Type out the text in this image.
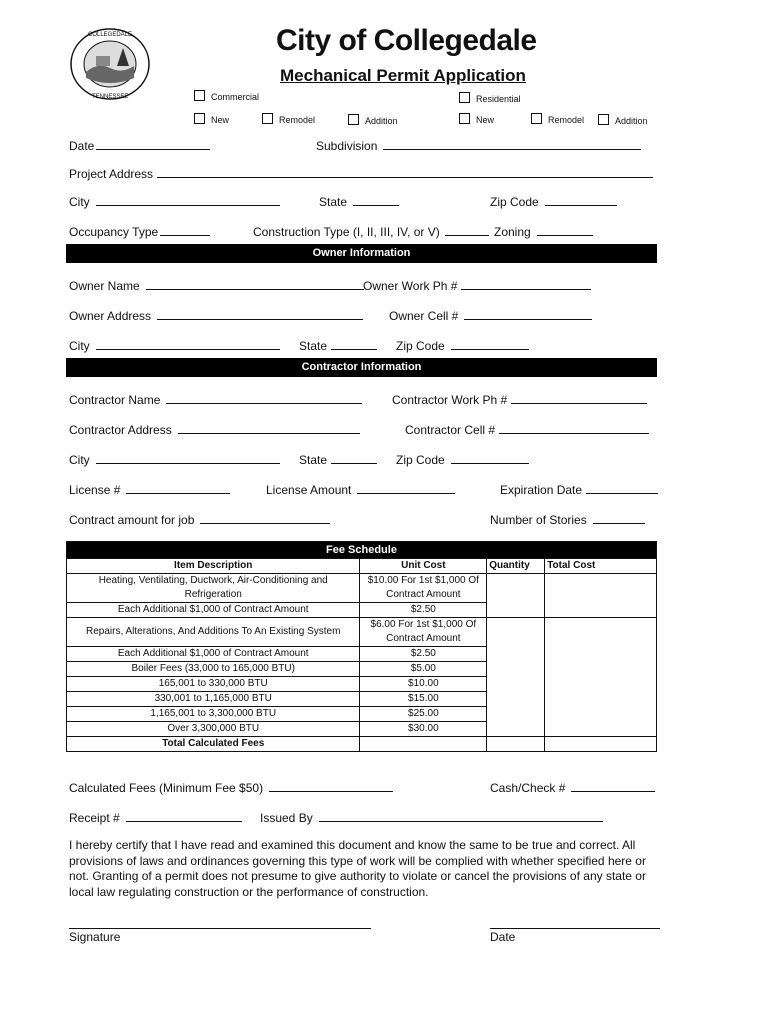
COLLEGEDALE
TENNESSEE
City of Collegedale
Mechanical Permit Application
Commercial	Residential
New	Remodel	Addition	New	Remodel	Addition
Date	Subdivision
Project Address
City	State	Zip Code
Occupancy Type	Construction Type (I, II, III, IV, or V)	Zoning
Owner Information
Owner Name	Owner Work Ph #
Owner Address	Owner Cell #
City	State	Zip Code
Contractor Information
Contractor Name	Contractor Work Ph #
Contractor Address	Contractor Cell #
City	State	Zip Code
License #	License Amount	Expiration Date
Contract amount for job	Number of Stories
Fee Schedule			
Item Description	Unit Cost	Quantity	Total Cost
Heating, Ventilating, Ductwork, Air-Conditioning and Refrigeration	$10.00 For 1st $1,000 Of Contract Amount		
Each Additional $1,000 of Contract Amount	$2.50		
Repairs, Alterations, And Additions To An Existing System	$6.00 For 1st $1,000 Of Contract Amount		
Each Additional $1,000 of Contract Amount	$2.50		
Boiler Fees (33,000 to 165,000 BTU)	$5.00		
165,001 to 330,000 BTU	$10.00		
330,001 to 1,165,000 BTU	$15.00		
1,165,001 to 3,300,000 BTU	$25.00		
Over 3,300,000 BTU	$30.00		
Total Calculated Fees			
Calculated Fees (Minimum Fee $50)	Cash/Check #
Receipt #	Issued By
I hereby certify that I have read and examined this document and know the same to be true and correct. All provisions of laws and ordinances governing this type of work will be complied with whether specified here or not. Granting of a permit does not presume to give authority to violate or cancel the provisions of any state or local law regulating construction or the performance of construction.
Signature	Date
